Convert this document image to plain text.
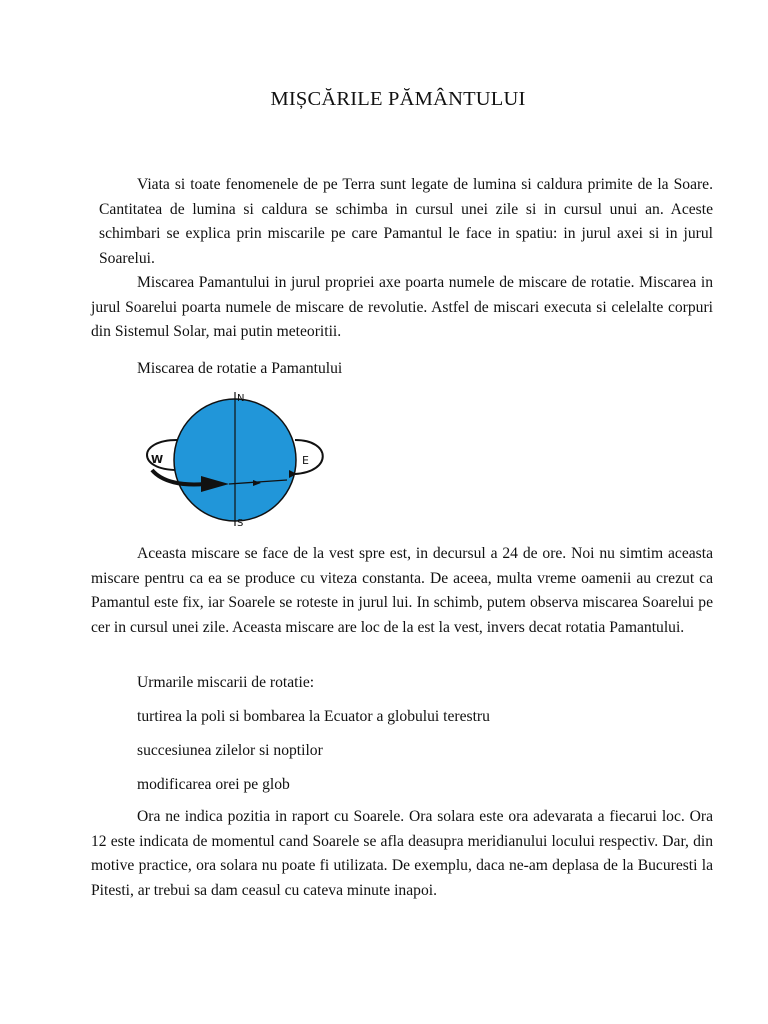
MIȘCĂRILE PĂMÂNTULUI

Viata si toate fenomenele de pe Terra sunt legate de lumina si caldura primite de la Soare. Cantitatea de lumina si caldura se schimba in cursul unei zile si in cursul unui an. Aceste schimbari se explica prin miscarile pe care Pamantul le face in spatiu: in jurul axei si in jurul Soarelui.

Miscarea Pamantului in jurul propriei axe poarta numele de miscare de rotatie. Miscarea in jurul Soarelui poarta numele de miscare de revolutie. Astfel de miscari executa si celelalte corpuri din Sistemul Solar, mai putin meteoritii.

Miscarea de rotatie a Pamantului

N
S
W	E

Aceasta miscare se face de la vest spre est, in decursul a 24 de ore. Noi nu simtim aceasta miscare pentru ca ea se produce cu viteza constanta. De aceea, multa vreme oamenii au crezut ca Pamantul este fix, iar Soarele se roteste in jurul lui. In schimb, putem observa miscarea Soarelui pe cer in cursul unei zile. Aceasta miscare are loc de la est la vest, invers decat rotatia Pamantului.

Urmarile miscarii de rotatie:

turtirea la poli si bombarea la Ecuator a globului terestru

succesiunea zilelor si noptilor

modificarea orei pe glob

Ora ne indica pozitia in raport cu Soarele. Ora solara este ora adevarata a fiecarui loc. Ora 12 este indicata de momentul cand Soarele se afla deasupra meridianului locului respectiv. Dar, din motive practice, ora solara nu poate fi utilizata. De exemplu, daca ne-am deplasa de la Bucuresti la Pitesti, ar trebui sa dam ceasul cu cateva minute inapoi.
